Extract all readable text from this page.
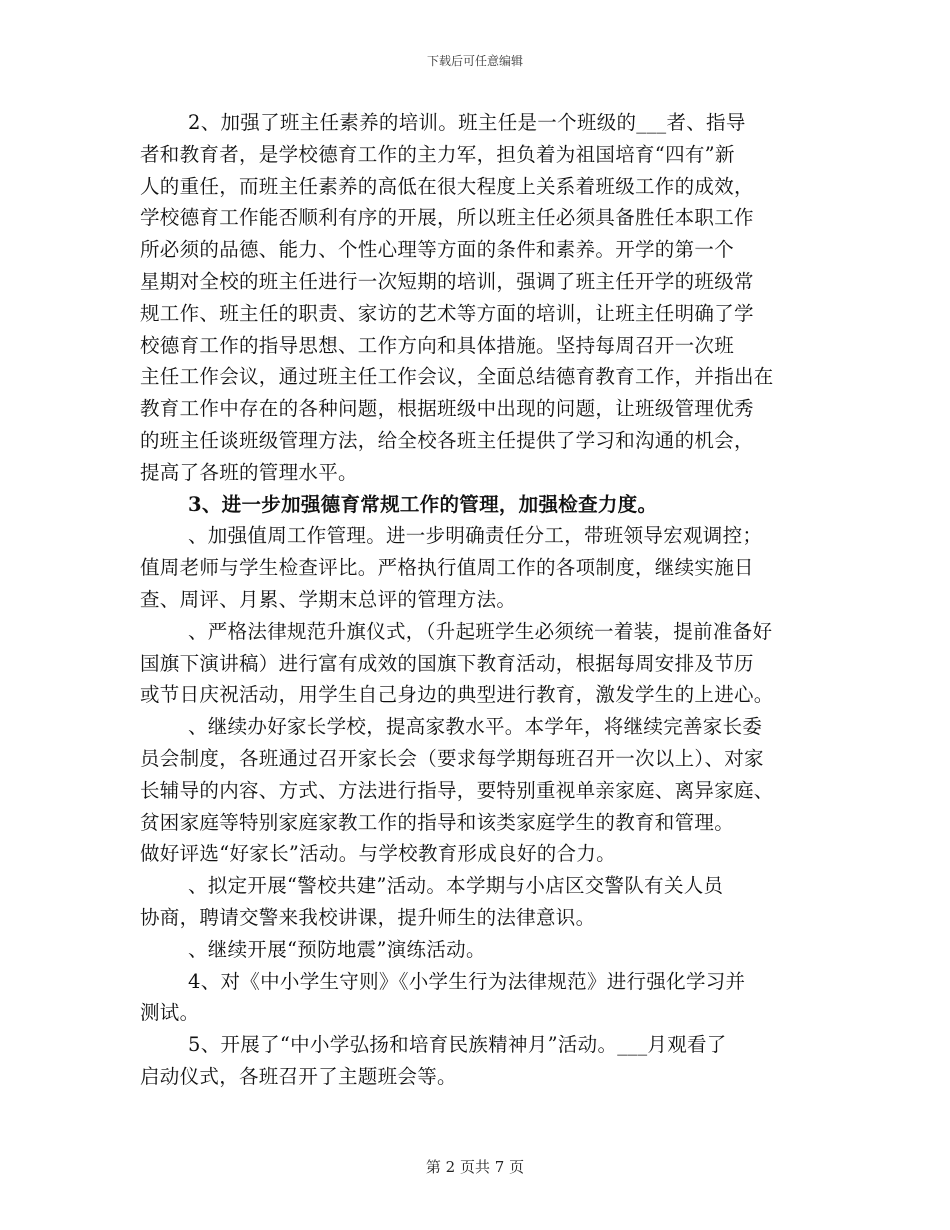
下载后可任意编辑
2、加强了班主任素养的培训。班主任是一个班级的___者、指导
者和教育者，是学校德育工作的主力军，担负着为祖国培育“四有”新
人的重任，而班主任素养的高低在很大程度上关系着班级工作的成效，
学校德育工作能否顺利有序的开展，所以班主任必须具备胜任本职工作
所必须的品德、能力、个性心理等方面的条件和素养。开学的第一个
星期对全校的班主任进行一次短期的培训，强调了班主任开学的班级常
规工作、班主任的职责、家访的艺术等方面的培训，让班主任明确了学
校德育工作的指导思想、工作方向和具体措施。坚持每周召开一次班
主任工作会议，通过班主任工作会议，全面总结德育教育工作，并指出在
教育工作中存在的各种问题，根据班级中出现的问题，让班级管理优秀
的班主任谈班级管理方法，给全校各班主任提供了学习和沟通的机会，
提高了各班的管理水平。
3、进一步加强德育常规工作的管理，加强检查力度。
、加强值周工作管理。进一步明确责任分工，带班领导宏观调控；
值周老师与学生检查评比。严格执行值周工作的各项制度，继续实施日
查、周评、月累、学期末总评的管理方法。
、严格法律规范升旗仪式，（升起班学生必须统一着装，提前准备好
国旗下演讲稿）进行富有成效的国旗下教育活动，根据每周安排及节历
或节日庆祝活动，用学生自己身边的典型进行教育，激发学生的上进心。
、继续办好家长学校，提高家教水平。本学年，将继续完善家长委
员会制度，各班通过召开家长会（要求每学期每班召开一次以上）、对家
长辅导的内容、方式、方法进行指导，要特别重视单亲家庭、离异家庭、
贫困家庭等特别家庭家教工作的指导和该类家庭学生的教育和管理。
做好评选“好家长”活动。与学校教育形成良好的合力。
、拟定开展“警校共建”活动。本学期与小店区交警队有关人员
协商，聘请交警来我校讲课，提升师生的法律意识。
、继续开展“预防地震”演练活动。
4、对《中小学生守则》《小学生行为法律规范》进行强化学习并
测试。
5、开展了“中小学弘扬和培育民族精神月”活动。___月观看了
启动仪式，各班召开了主题班会等。
第 2 页共 7 页
